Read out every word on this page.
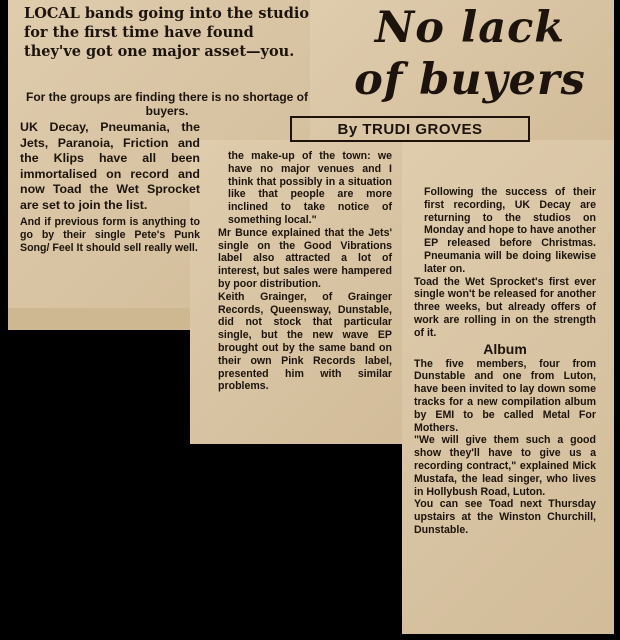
LOCAL bands going into the studio for the first time have found they've got one major asset—you.	No lack
of buyers
By TRUDI GROVES

For the groups are finding there is no shortage of buyers.

UK Decay, Pneumania, the Jets, Paranoia, Friction and the Klips have all been immortalised on record and now Toad the Wet Sprocket are set to join the list.

And if previous form is anything to go by their single Pete's Punk Song/ Feel It should sell really well.

the make-up of the town: we have no major venues and I think that possibly in a situation like that people are more inclined to take notice of something local."

Mr Bunce explained that the Jets' single on the Good Vibrations label also attracted a lot of interest, but sales were hampered by poor distribution.

Keith Grainger, of Grainger Records, Queensway, Dunstable, did not stock that particular single, but the new wave EP brought out by the same band on their own Pink Records label, presented him with similar problems.

Following the success of their first recording, UK Decay are returning to the studios on Monday and hope to have another EP released before Christmas. Pneumania will be doing likewise later on.

Toad the Wet Sprocket's first ever single won't be released for another three weeks, but already offers of work are rolling in on the strength of it.

Album

The five members, four from Dunstable and one from Luton, have been invited to lay down some tracks for a new compilation album by EMI to be called Metal For Mothers.

"We will give them such a good show they'll have to give us a recording contract," explained Mick Mustafa, the lead singer, who lives in Hollybush Road, Luton.

You can see Toad next Thursday upstairs at the Winston Churchill, Dunstable.
